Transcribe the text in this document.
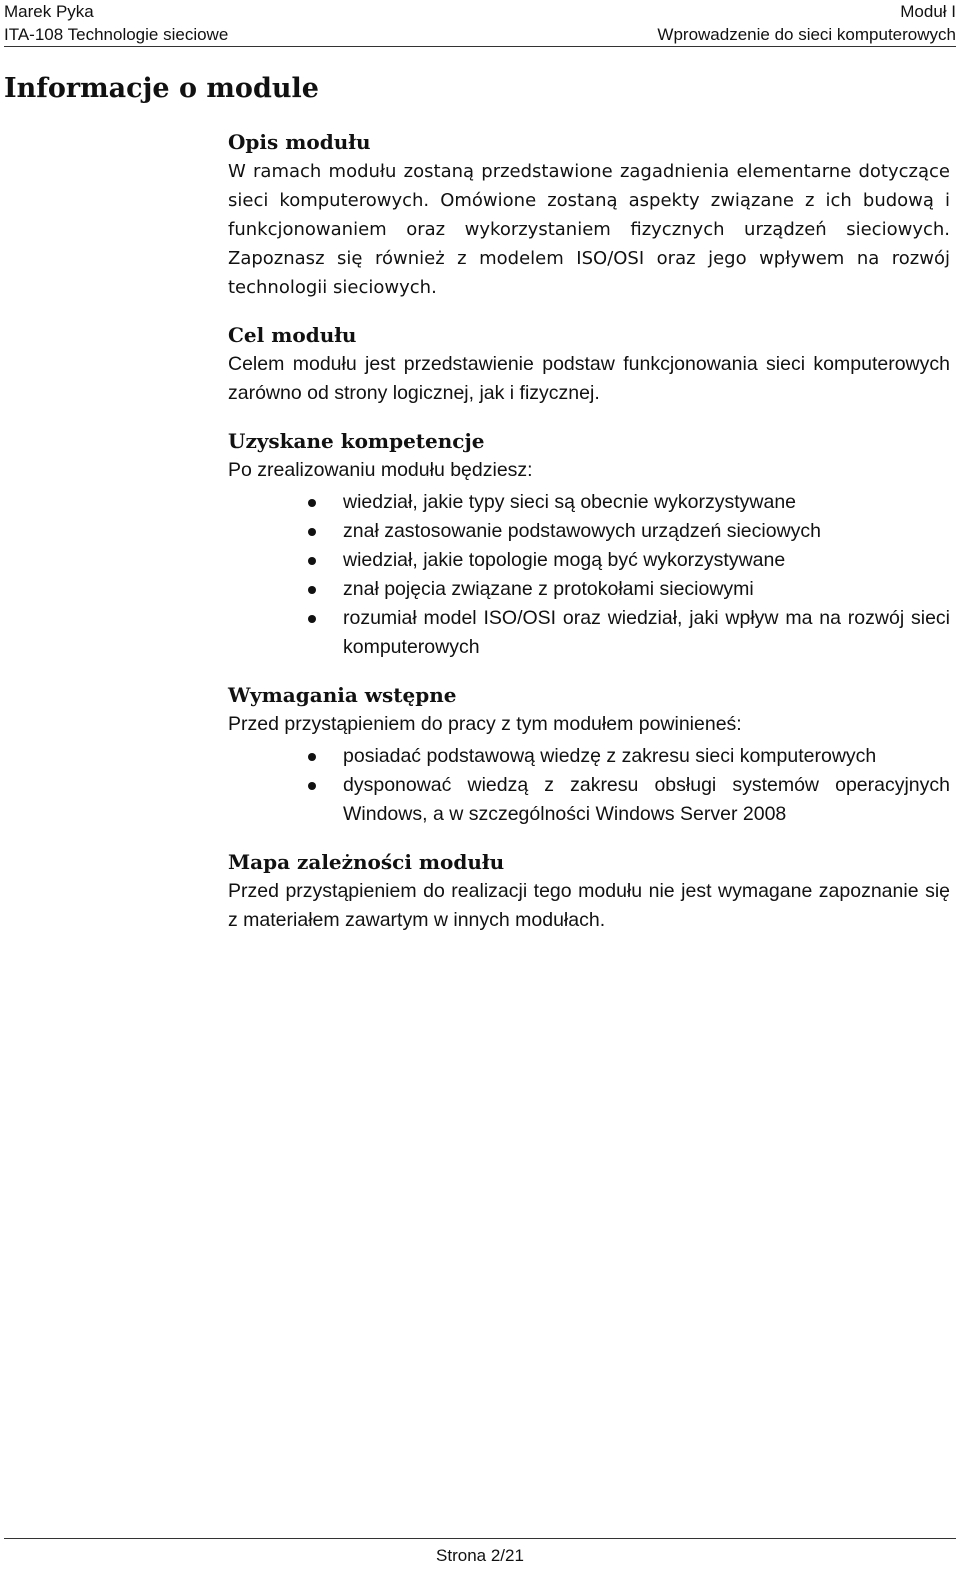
Marek Pyka
ITA-108 Technologie sieciowe
Moduł I
Wprowadzenie do sieci komputerowych
Informacje o module
Opis modułu

W ramach modułu zostaną przedstawione zagadnienia elementarne dotyczące sieci komputerowych. Omówione zostaną aspekty związane z ich budową i funkcjonowaniem oraz wykorzystaniem fizycznych urządzeń sieciowych. Zapoznasz się również z modelem ISO/OSI oraz jego wpływem na rozwój technologii sieciowych.

Cel modułu

Celem modułu jest przedstawienie podstaw funkcjonowania sieci komputerowych zarówno od strony logicznej, jak i fizycznej.

Uzyskane kompetencje

Po zrealizowaniu modułu będziesz:

wiedział, jakie typy sieci są obecnie wykorzystywane
znał zastosowanie podstawowych urządzeń sieciowych
wiedział, jakie topologie mogą być wykorzystywane
znał pojęcia związane z protokołami sieciowymi
rozumiał model ISO/OSI oraz wiedział, jaki wpływ ma na rozwój sieci komputerowych
Wymagania wstępne

Przed przystąpieniem do pracy z tym modułem powinieneś:

posiadać podstawową wiedzę z zakresu sieci komputerowych
dysponować wiedzą z zakresu obsługi systemów operacyjnych Windows, a w szczególności Windows Server 2008
Mapa zależności modułu

Przed przystąpieniem do realizacji tego modułu nie jest wymagane zapoznanie się z materiałem zawartym w innych modułach.

Strona 2/21
